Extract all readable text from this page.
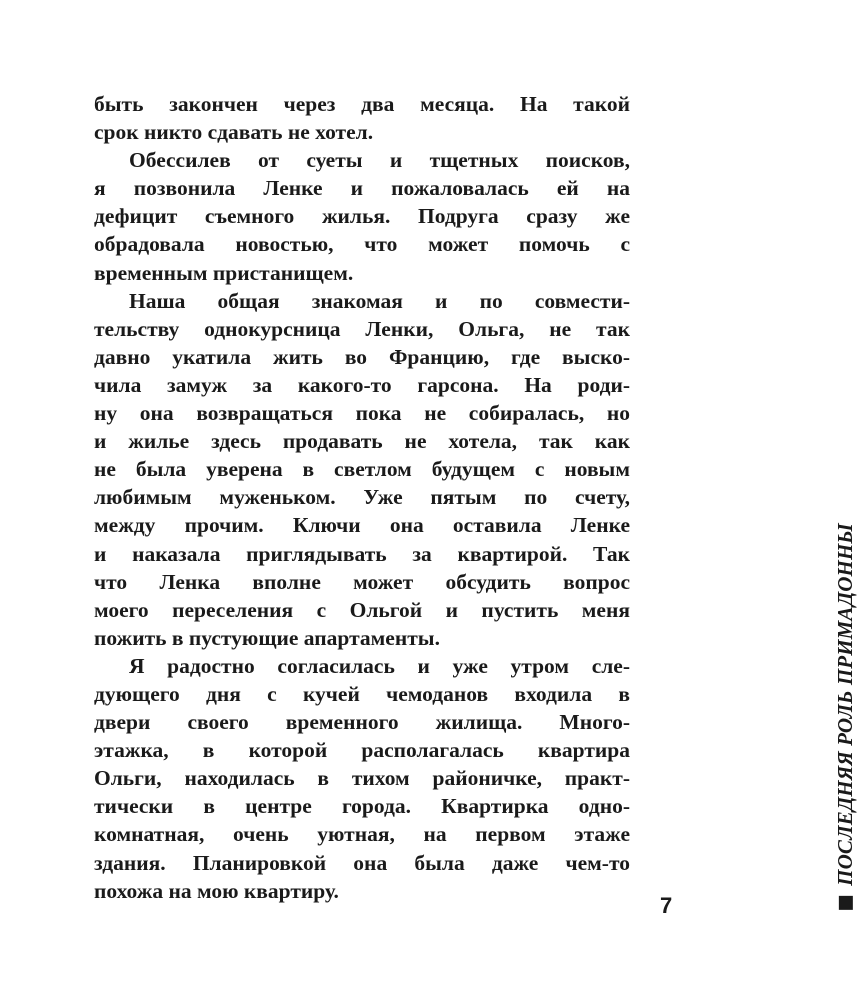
быть закончен через два месяца. На такой
срок никто сдавать не хотел.
Обессилев от суеты и тщетных поисков,
я позвонила Ленке и пожаловалась ей на
дефицит съемного жилья. Подруга сразу же
обрадовала новостью, что может помочь с
временным пристанищем.
Наша общая знакомая и по совмести-
тельству однокурсница Ленки, Ольга, не так
давно укатила жить во Францию, где выско-
чила замуж за какого-то гарсона. На роди-
ну она возвращаться пока не собиралась, но
и жилье здесь продавать не хотела, так как
не была уверена в светлом будущем с новым
любимым муженьком. Уже пятым по счету,
между прочим. Ключи она оставила Ленке
и наказала приглядывать за квартирой. Так
что Ленка вполне может обсудить вопрос
моего переселения с Ольгой и пустить меня
пожить в пустующие апартаменты.
Я радостно согласилась и уже утром сле-
дующего дня с кучей чемоданов входила в
двери своего временного жилища. Много-
этажка, в которой располагалась квартира
Ольги, находилась в тихом районичке, практ-
тически в центре города. Квартирка одно-
комнатная, очень уютная, на первом этаже
здания. Планировкой она была даже чем-то
похожа на мою квартиру.
ПОСЛЕДНЯЯ РОЛЬ ПРИМАДОННЫ
7
